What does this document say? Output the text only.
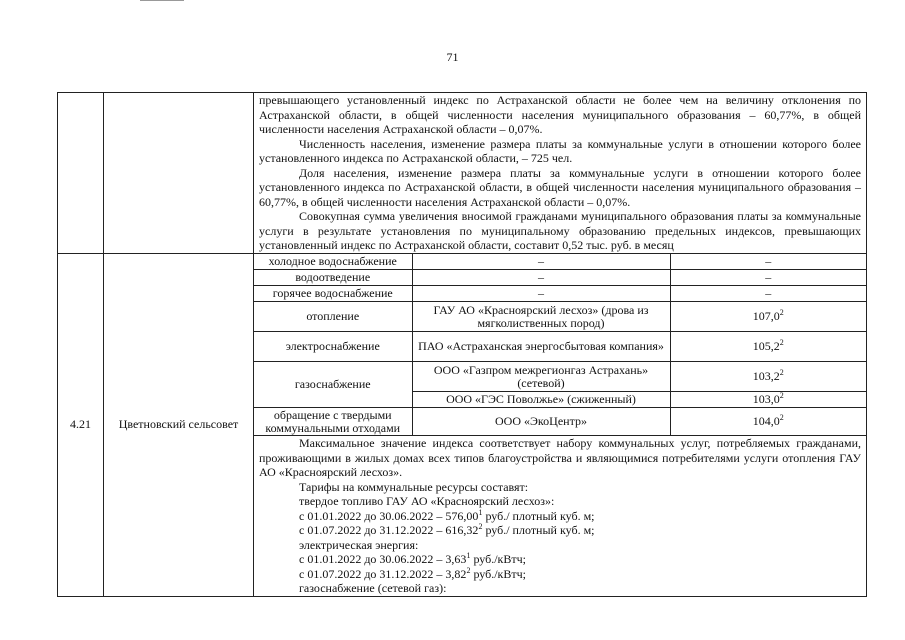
71

превышающего установленный индекс по Астраханской области не более чем на величину отклонения по Астраханской области, в общей численности населения муниципального образования – 60,77%, в общей численности населения Астраханской области – 0,07%.

Численность населения, изменение размера платы за коммунальные услуги в отношении которого более установленного индекса по Астраханской области, – 725 чел.

Доля населения, изменение размера платы за коммунальные услуги в отношении которого более установленного индекса по Астраханской области, в общей численности населения муниципального образования – 60,77%, в общей численности населения Астраханской области – 0,07%.

Совокупная сумма увеличения вносимой гражданами муниципального образования платы за коммунальные услуги в результате установления по муниципальному образованию предельных индексов, превышающих установленный индекс по Астраханской области, составит 0,52 тыс. руб. в месяц

4.21	Цветновский сельсовет	
холодное водоснабжение	–	–
водоотведение	–	–
горячее водоснабжение	–	–
отопление	ГАУ АО «Красноярский лесхоз» (дрова из мягколиственных пород)	107,0$^2$
электроснабжение	ПАО «Астраханская энергосбытовая компания»	105,2$^2$
газоснабжение	ООО «Газпром межрегионгаз Астрахань» (сетевой)	103,2$^2$
ООО «ГЭС Поволжье» (сжиженный)	103,0$^2$
обращение с твердыми коммунальными отходами	ООО «ЭкоЦентр»	104,0$^2$

Максимальное значение индекса соответствует набору коммунальных услуг, потребляемых гражданами, проживающими в жилых домах всех типов благоустройства и являющимися потребителями услуги отопления ГАУ АО «Красноярский лесхоз».

Тарифы на коммунальные ресурсы составят:

твердое топливо ГАУ АО «Красноярский лесхоз»:

с 01.01.2022 до 30.06.2022 – 576,00$^1$ руб./ плотный куб. м;

с 01.07.2022 до 31.12.2022 – 616,32$^2$ руб./ плотный куб. м;

электрическая энергия:

с 01.01.2022 до 30.06.2022 – 3,63$^1$ руб./кВтч;

с 01.07.2022 до 31.12.2022 – 3,82$^2$ руб./кВтч;

газоснабжение (сетевой газ):
